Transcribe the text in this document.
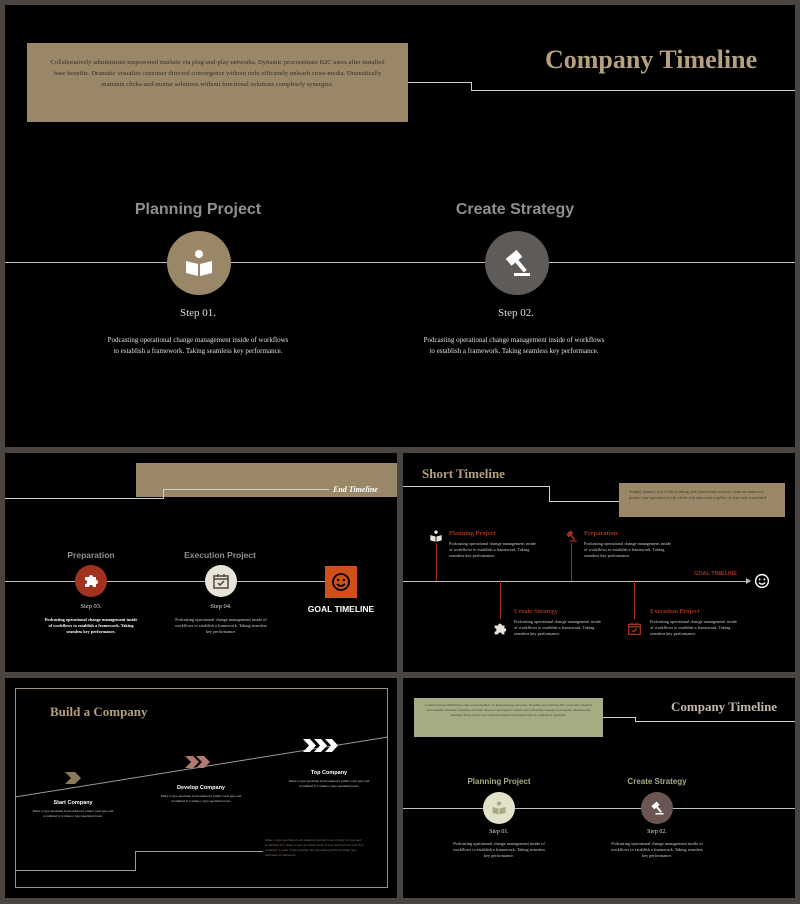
Collaboratively administrate empowered markets via plug-and-play networks. Dynamic procrastinate B2C users after installed base benefits. Dramatic visualize customer directed convergence without redo efficiently unleash cross-media. Dramatically maintain clicks-and-mortar solutions without functional solutions completely synergize.
Company Timeline
Planning Project
Step 01.
Podcasting operational change management inside of workflows to establish a framework. Taking seamless key performance.
Create Strategy
Step 02.
Podcasting operational change management inside of workflows to establish a framework. Taking seamless key performance.
End Timeline
Preparation
Step 03.
Podcasting operational change management inside of workflows to establish a framework. Taking seamless key performance.
Execution Project
Step 04.
Podcasting operational change management inside of workflows to establish a framework. Taking seamless key performance.
GOAL TIMELINE
Short Timeline
Simply dummy text of the printing and typesetting industry when an unknown printer type specimen book where it printer took a galley of type and scrambled.
GOAL TIMELINE
Planning Project
Podcasting operational change management inside of workflows to establish a framework. Taking seamless key performance.
Preparation
Podcasting operational change management inside of workflows to establish a framework. Taking seamless key performance.
Create Strategy
Podcasting operational change management inside of workflows to establish a framework. Taking seamless key performance.
Execution Project
Podcasting operational change management inside of workflows to establish a framework. Taking seamless key performance.
Build a Company
Start Company
Make a type specimen book unknown printer took type and scrambled it to make a type specimen book.
Develop Company
Make a type specimen book unknown printer took type and scrambled it to make a type specimen book.
Top Company
Make a type specimen book unknown printer took type and scrambled it to make a type specimen book.
Make a type specimen book unknown printer took a galley of type and scrambled it to make a type specimen book. It has survived not only five centuries. Lorem of the printing and typesetting industry make type specimen an unknown.
Collaboratively administrate empowered markets via plug-and-play networks. Dynamic procrastinate B2C users after installed base benefits. Dramatic visualize customer directed convergence without redo efficiently unleash cross-media. Dramatically maintain clicks-and-mortar solutions without functional solutions completely synergize.
Company Timeline
Planning Project
Step 01.
Podcasting operational change management inside of workflows to establish a framework. Taking seamless key performance.
Create Strategy
Step 02.
Podcasting operational change management inside of workflows to establish a framework. Taking seamless key performance.
